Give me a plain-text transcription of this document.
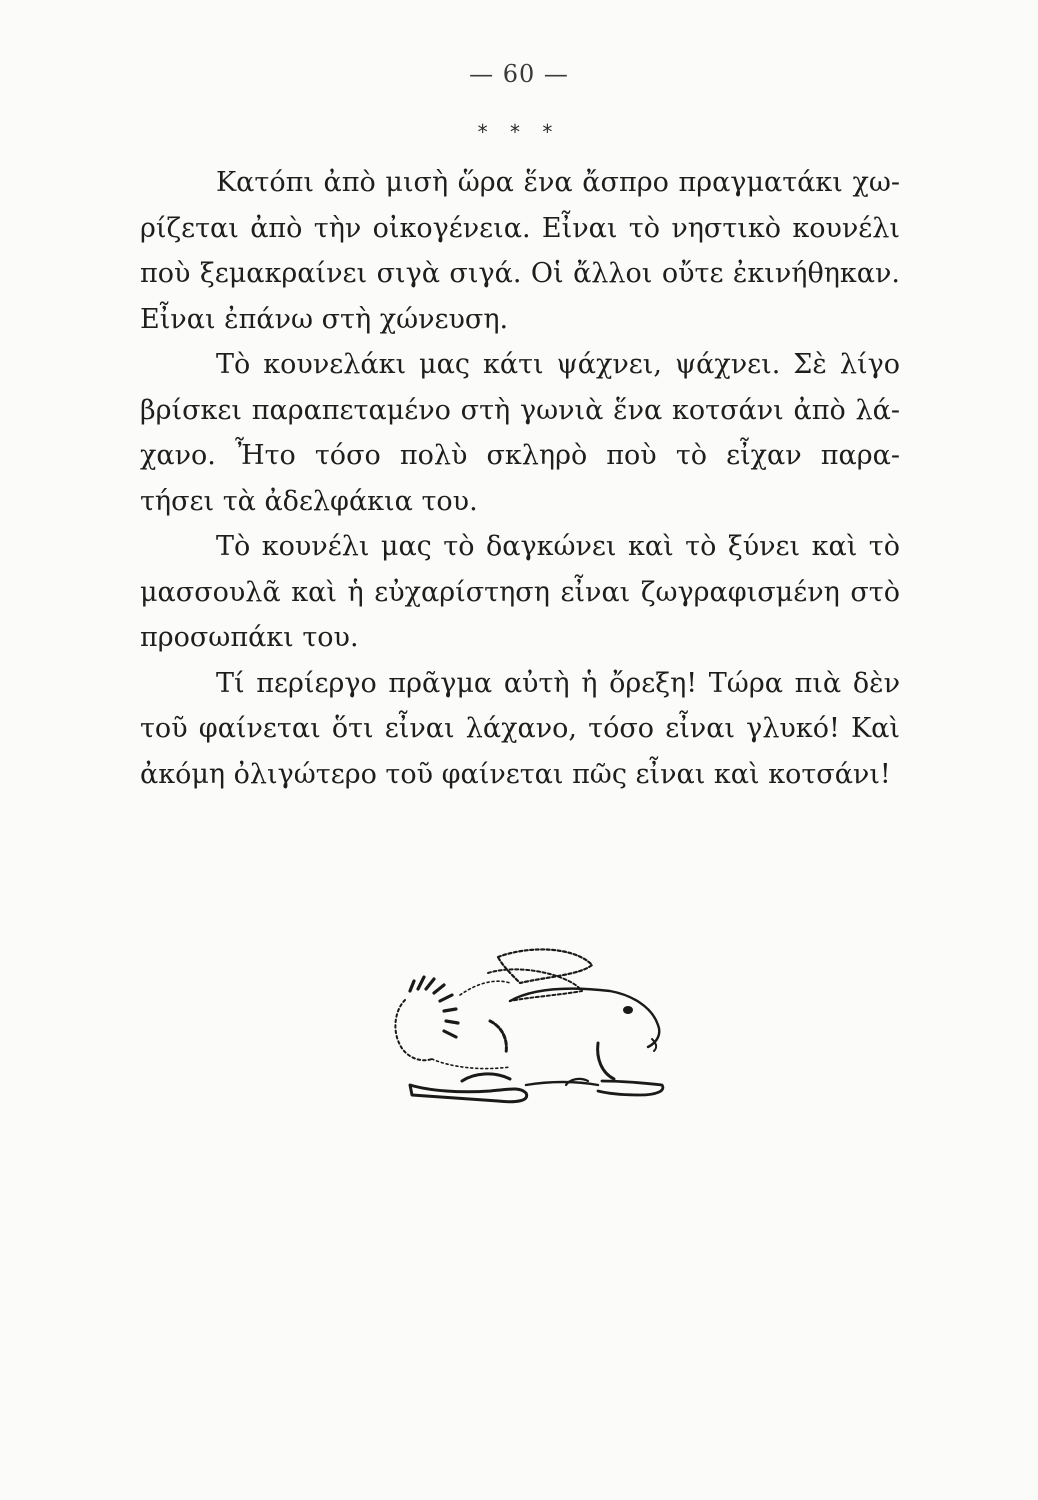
— 60 —
* * *
Κατόπι ἀπὸ μισὴ ὥρα ἕνα ἄσπρο πραγματάκι χω-
ρίζεται ἀπὸ τὴν οἰκογένεια. Εἶναι τὸ νηστικὸ κουνέλι
ποὺ ξεμακραίνει σιγὰ σιγά. Οἱ ἄλλοι οὔτε ἐκινήθηκαν.
Εἶναι ἐπάνω στὴ χώνευση.
Τὸ κουνελάκι μας κάτι ψάχνει, ψάχνει. Σὲ λίγο
βρίσκει παραπεταμένο στὴ γωνιὰ ἕνα κοτσάνι ἀπὸ λά-
χανο. Ἦτο τόσο πολὺ σκληρὸ ποὺ τὸ εἶχαν παρα-
τήσει τὰ ἀδελφάκια του.
Τὸ κουνέλι μας τὸ δαγκώνει καὶ τὸ ξύνει καὶ τὸ
μασσουλᾶ καὶ ἡ εὐχαρίστηση εἶναι ζωγραφισμένη στὸ
προσωπάκι του.
Τί περίεργο πρᾶγμα αὐτὴ ἡ ὄρεξη! Τώρα πιὰ δὲν
τοῦ φαίνεται ὅτι εἶναι λάχανο, τόσο εἶναι γλυκό! Καὶ
ἀκόμη ὀλιγώτερο τοῦ φαίνεται πῶς εἶναι καὶ κοτσάνι!
